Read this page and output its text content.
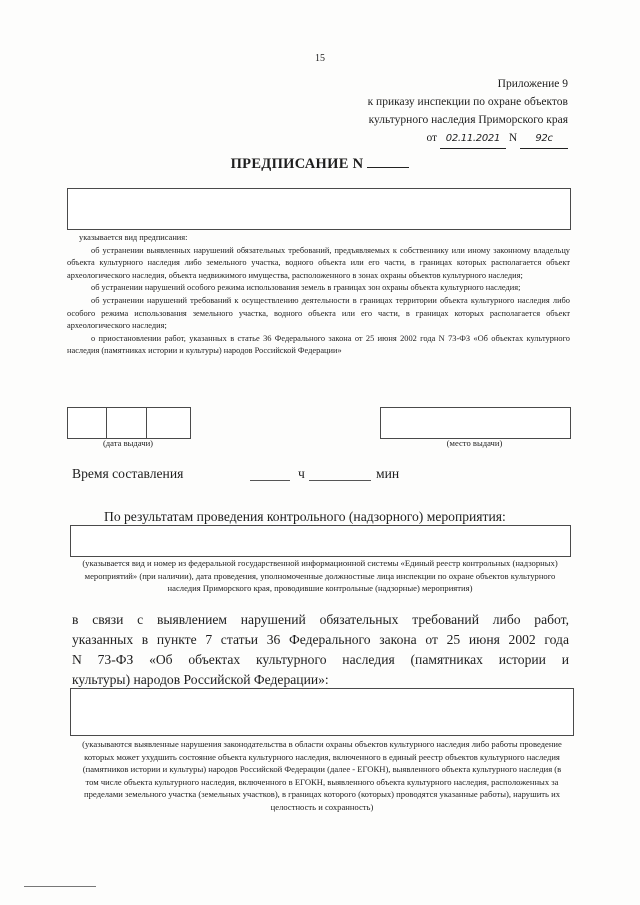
15
Приложение 9
к приказу инспекции по охране объектов
культурного наследия Приморского края
от 02.11.2021 N 92с
ПРЕДПИСАНИЕ N

указывается вид предписания:

об устранении выявленных нарушений обязательных требований, предъявляемых к собственнику или иному законному владельцу объекта культурного наследия либо земельного участка, водного объекта или его части, в границах которых располагается объект археологического наследия, объекта недвижимого имущества, расположенного в зонах охраны объектов культурного наследия;

об устранении нарушений особого режима использования земель в границах зон охраны объекта культурного наследия;

об устранении нарушений требований к осуществлению деятельности в границах территории объекта культурного наследия либо особого режима использования земельного участка, водного объекта или его части, в границах которых располагается объект археологического наследия;

о приостановлении работ, указанных в статье 36 Федерального закона от 25 июня 2002 года N 73-ФЗ «Об объектах культурного наследия (памятниках истории и культуры) народов Российской Федерации»

(дата выдачи)	(место выдачи)
Время составления	ч	мин
По результатам проведения контрольного (надзорного) мероприятия:
(указывается вид и номер из федеральной государственной информационной системы «Единый реестр контрольных (надзорных) мероприятий» (при наличии), дата проведения, уполномоченные должностные лица инспекции по охране объектов культурного наследия Приморского края, проводившие контрольные (надзорные) мероприятия)
в связи с выявлением нарушений обязательных требований либо работ,
указанных в пункте 7 статьи 36 Федерального закона от 25 июня 2002 года
N 73-ФЗ «Об объектах культурного наследия (памятниках истории и
культуры) народов Российской Федерации»:
(указываются выявленные нарушения законодательства в области охраны объектов культурного наследия либо работы проведение которых может ухудшить состояние объекта культурного наследия, включенного в единый реестр объектов культурного наследия (памятников истории и культуры) народов Российской Федерации (далее - ЕГОКН), выявленного объекта культурного наследия (в том числе объекта культурного наследия, включенного в ЕГОКН, выявленного объекта культурного наследия, расположенных за пределами земельного участка (земельных участков), в границах которого (которых) проводятся указанные работы), нарушить их целостность и сохранность)
